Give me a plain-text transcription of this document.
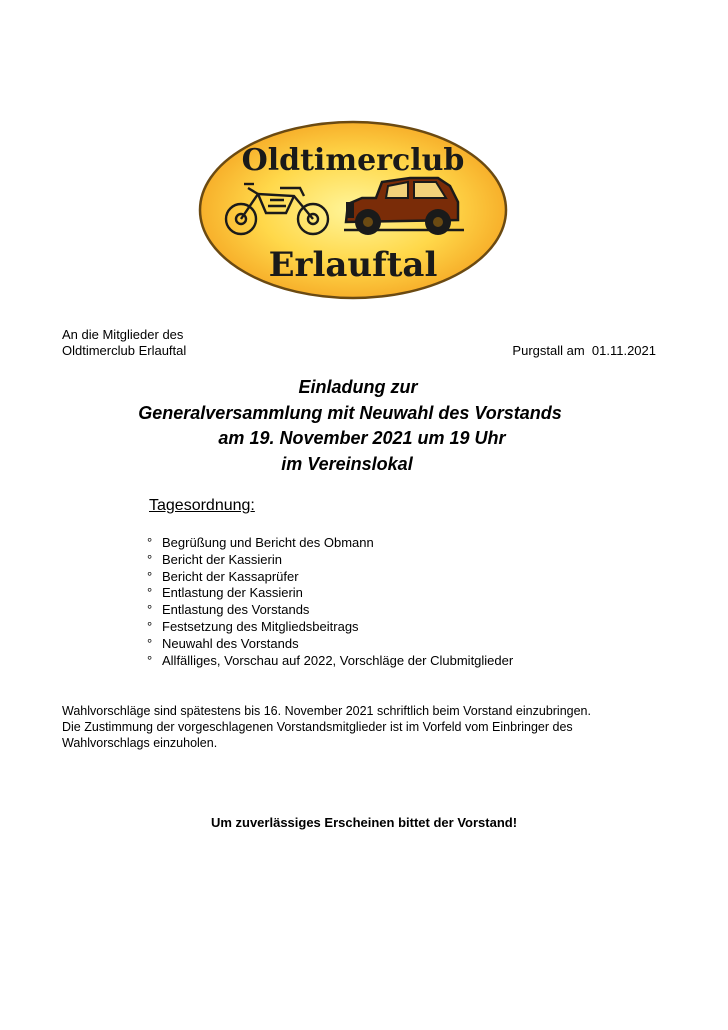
Oldtimerclub
Erlauftal
An die Mitglieder des
Oldtimerclub Erlauftal	Purgstall am  01.11.2021
Einladung zur
Generalversammlung mit Neuwahl des Vorstands
am 19. November 2021 um 19 Uhr
im Vereinslokal
Tagesordnung:
° Begrüßung und Bericht des Obmann
° Bericht der Kassierin
° Bericht der Kassaprüfer
° Entlastung der Kassierin
° Entlastung des Vorstands
° Festsetzung des Mitgliedsbeitrags
° Neuwahl des Vorstands
° Allfälliges, Vorschau auf 2022, Vorschläge der Clubmitglieder
Wahlvorschläge sind spätestens bis 16. November 2021 schriftlich beim Vorstand einzubringen.
Die Zustimmung der vorgeschlagenen Vorstandsmitglieder ist im Vorfeld vom Einbringer des
Wahlvorschlags einzuholen.
Um zuverlässiges Erscheinen bittet der Vorstand!
